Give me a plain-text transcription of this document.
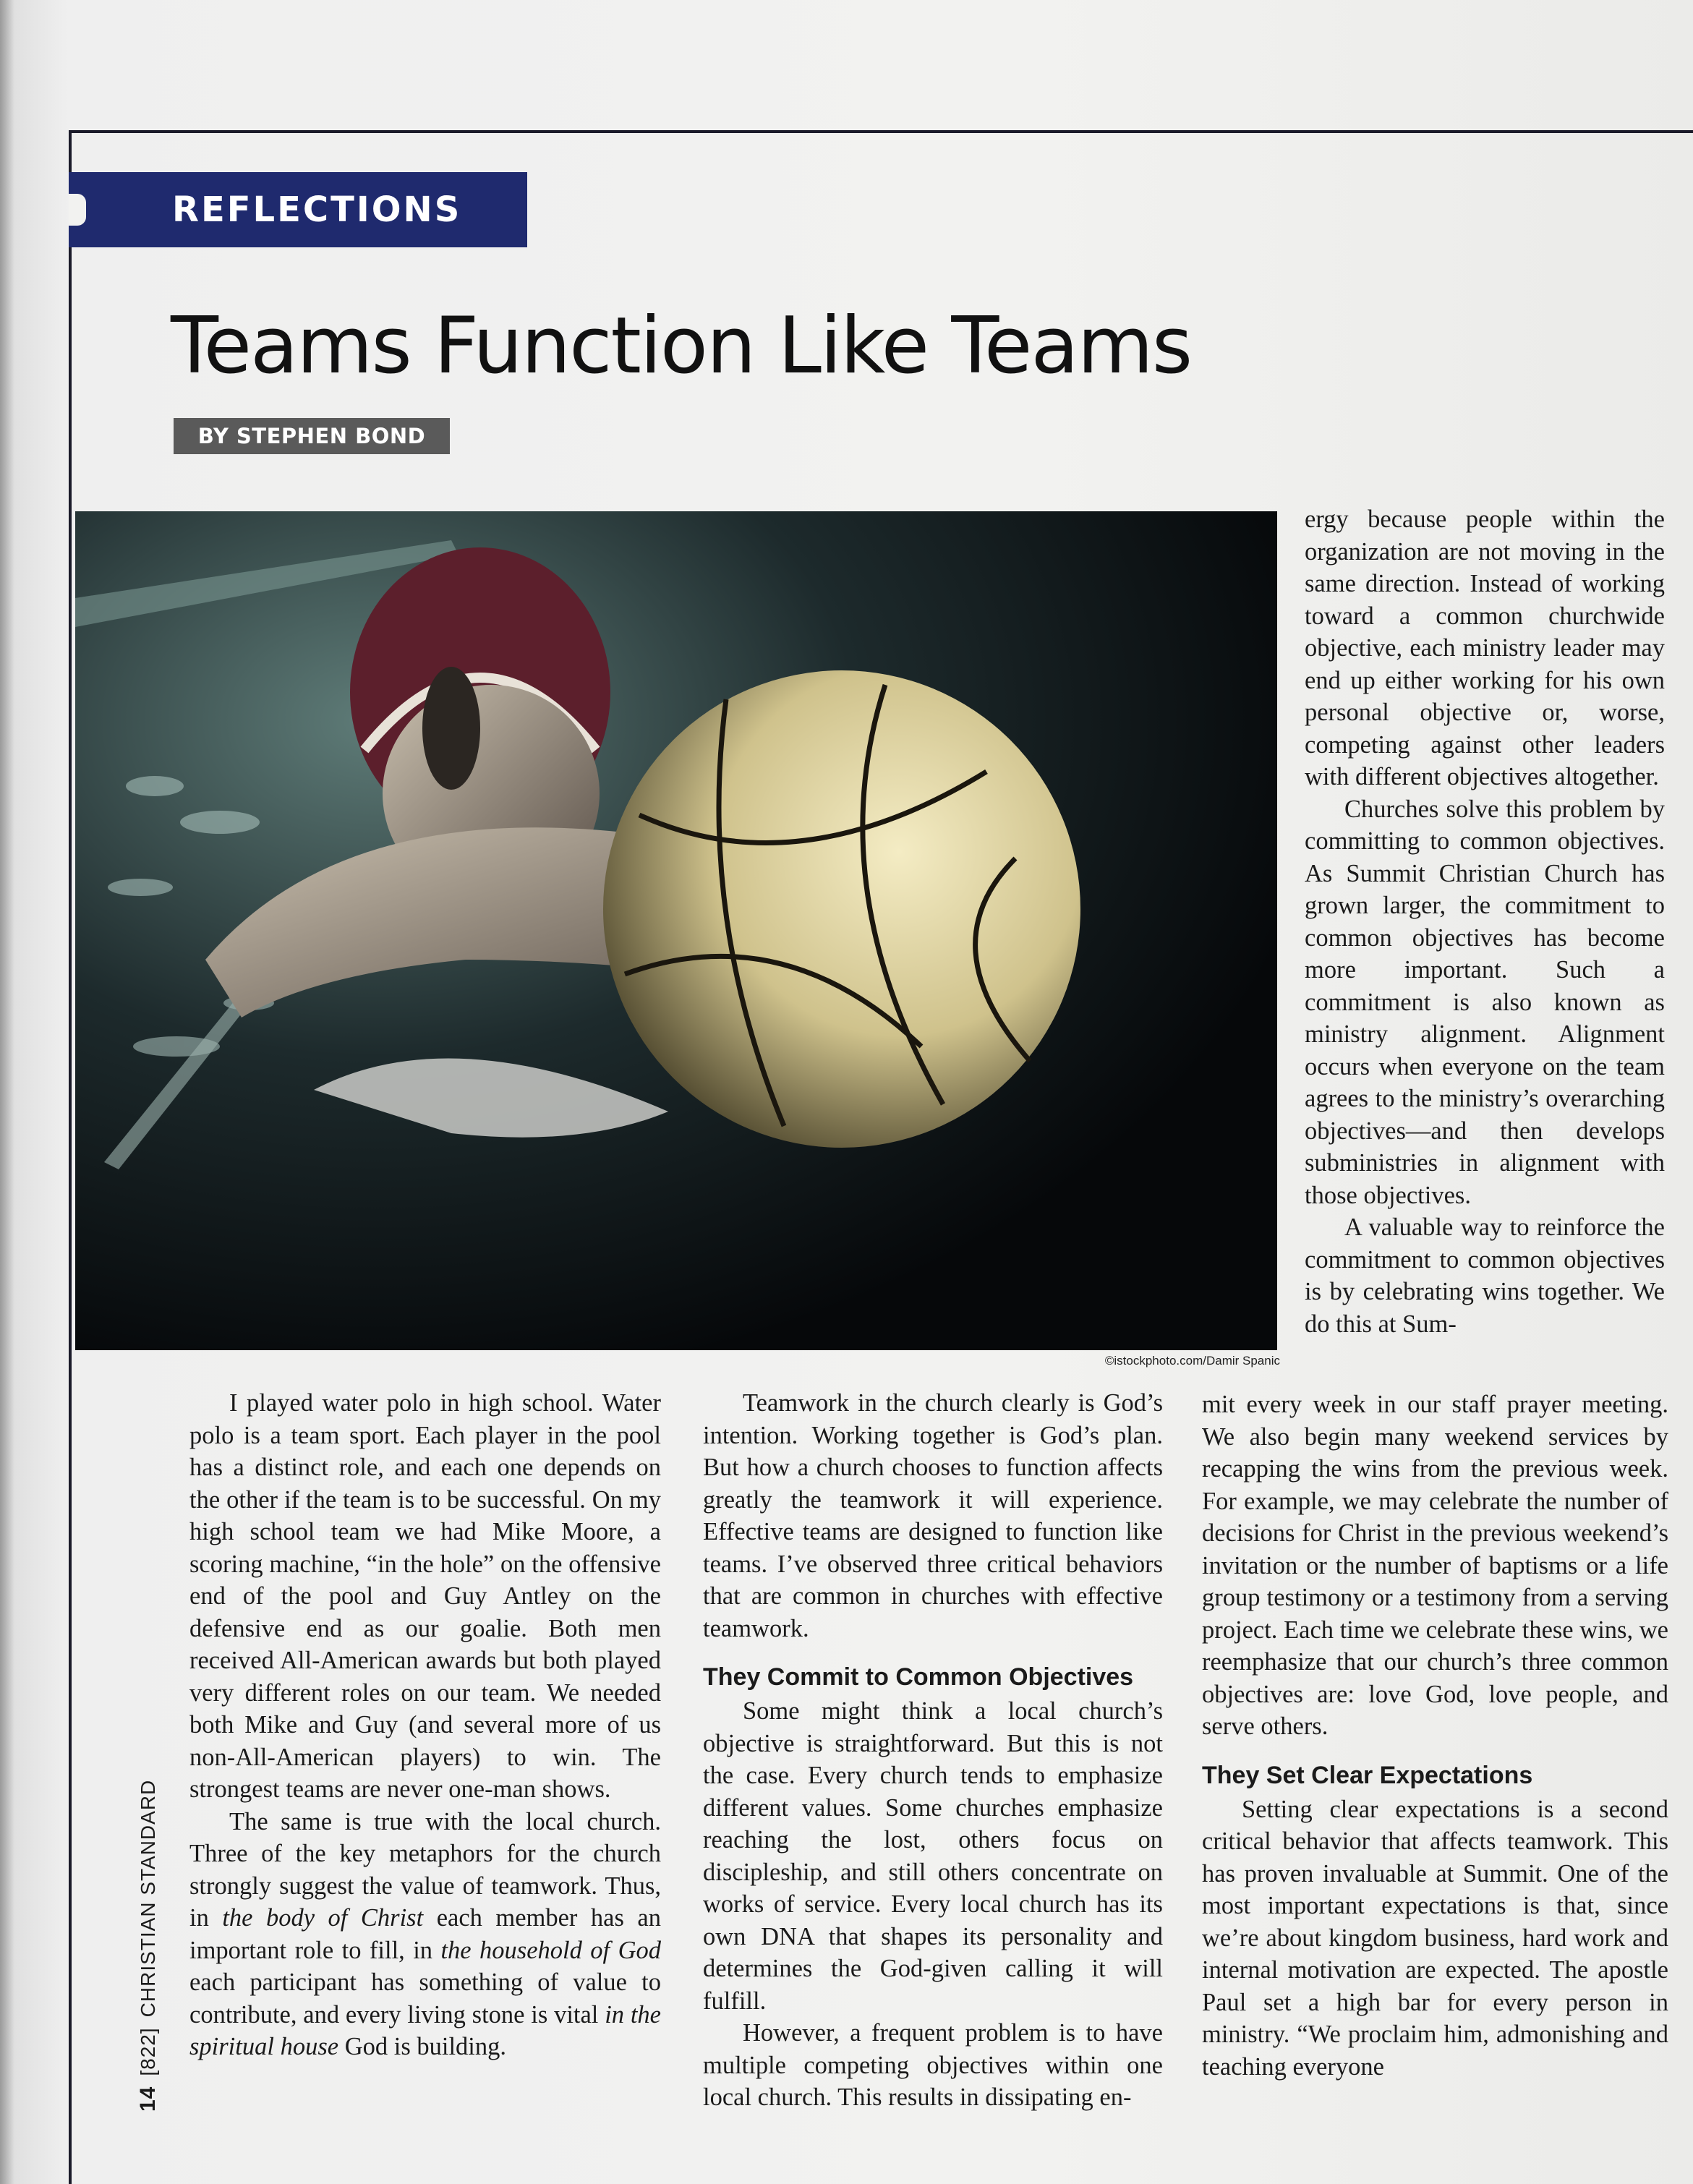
REFLECTIONS
Teams Function Like Teams
BY STEPHEN BOND
©istockphoto.com/Damir Spanic

I played water polo in high school. Water polo is a team sport. Each player in the pool has a distinct role, and each one depends on the other if the team is to be successful. On my high school team we had Mike Moore, a scoring machine, “in the hole” on the offensive end of the pool and Guy Antley on the defensive end as our goalie. Both men received All-American awards but both played very different roles on our team. We needed both Mike and Guy (and several more of us non-All-American players) to win. The strongest teams are never one-man shows.

The same is true with the local church. Three of the key metaphors for the church strongly suggest the value of teamwork. Thus, in the body of Christ each member has an important role to fill, in the household of God each participant has something of value to contribute, and every living stone is vital in the spiritual house God is building.

Teamwork in the church clearly is God’s intention. Working together is God’s plan. But how a church chooses to function affects greatly the teamwork it will experience. Effective teams are designed to function like teams. I’ve observed three critical behaviors that are common in churches with effective teamwork.

They Commit to Common Objectives

Some might think a local church’s objective is straightforward. But this is not the case. Every church tends to emphasize different values. Some churches emphasize reaching the lost, others focus on discipleship, and still others concentrate on works of service. Every local church has its own DNA that shapes its personality and determines the God-given calling it will fulfill.

However, a frequent problem is to have multiple competing objectives within one local church. This results in dissipating en-

ergy because people within the organization are not moving in the same direction. Instead of working toward a common churchwide objective, each ministry leader may end up either working for his own personal objective or, worse, competing against other leaders with different objectives altogether.

Churches solve this problem by committing to common objectives. As Summit Christian Church has grown larger, the commitment to common objectives has become more important. Such a commitment is also known as ministry alignment. Alignment occurs when everyone on the team agrees to the ministry’s overarching objectives—and then develops subministries in alignment with those objectives.

A valuable way to reinforce the commitment to common objectives is by celebrating wins together. We do this at Sum-

mit every week in our staff prayer meeting. We also begin many weekend services by recapping the wins from the previous week. For example, we may celebrate the number of decisions for Christ in the previous weekend’s invitation or the number of baptisms or a life group testimony or a testimony from a serving project. Each time we celebrate these wins, we reemphasize that our church’s three common objectives are: love God, love people, and serve others.

They Set Clear Expectations

Setting clear expectations is a second critical behavior that affects teamwork. This has proven invaluable at Summit. One of the most important expectations is that, since we’re about kingdom business, hard work and internal motivation are expected. The apostle Paul set a high bar for every person in ministry. “We proclaim him, admonishing and teaching everyone

14[822]CHRISTIAN STANDARD
